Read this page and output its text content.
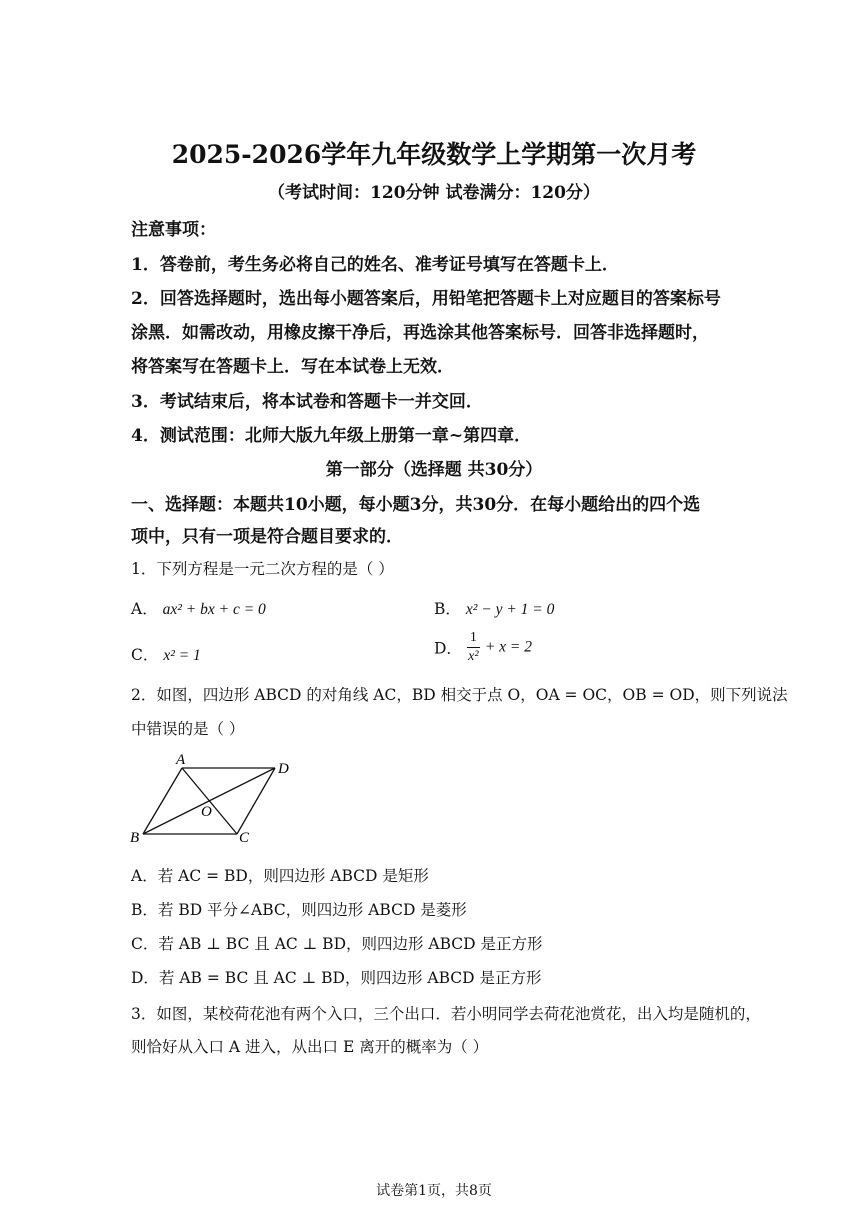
2025-2026学年九年级数学上学期第一次月考
（考试时间：120分钟 试卷满分：120分）
注意事项：
1．答卷前，考生务必将自己的姓名、准考证号填写在答题卡上．
2．回答选择题时，选出每小题答案后，用铅笔把答题卡上对应题目的答案标号
涂黑．如需改动，用橡皮擦干净后，再选涂其他答案标号．回答非选择题时，
将答案写在答题卡上．写在本试卷上无效．
3．考试结束后，将本试卷和答题卡一并交回．
4．测试范围：北师大版九年级上册第一章~第四章．
第一部分（选择题 共30分）
一、选择题：本题共10小题，每小题3分，共30分．在每小题给出的四个选
项中，只有一项是符合题目要求的．
1．下列方程是一元二次方程的是（ ）
A． ax² + bx + c = 0	B． x² − y + 1 = 0
C． x² = 1	D． $\frac{1}{\text{x²}} + x = 2$
2．如图，四边形 ABCD 的对角线 AC，BD 相交于点 O，OA = OC，OB = OD，则下列说法
中错误的是（ ）
A
D
O
B	C
A．若 AC = BD，则四边形 ABCD 是矩形
B．若 BD 平分∠ABC，则四边形 ABCD 是菱形
C．若 AB ⊥ BC 且 AC ⊥ BD，则四边形 ABCD 是正方形
D．若 AB = BC 且 AC ⊥ BD，则四边形 ABCD 是正方形
3．如图，某校荷花池有两个入口，三个出口．若小明同学去荷花池赏花，出入均是随机的，
则恰好从入口 A 进入，从出口 E 离开的概率为（ ）
试卷第1页，共8页
